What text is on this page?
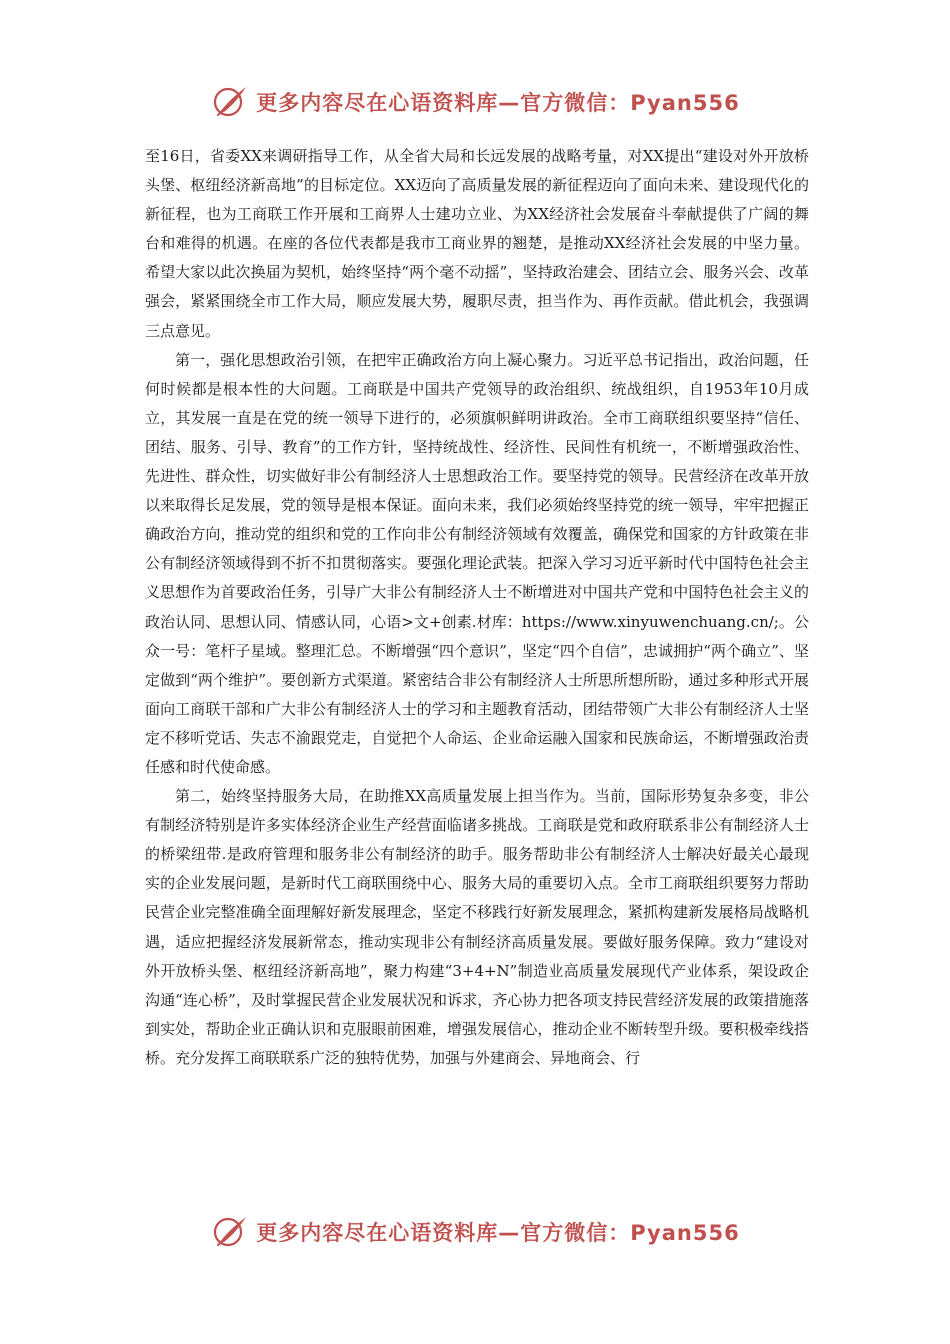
更多内容尽在心语资料库—官方微信：Pyan556

至16日，省委XX来调研指导工作，从全省大局和长远发展的战略考量，对XX提出“建设对外开放桥头堡、枢纽经济新高地”的目标定位。XX迈向了高质量发展的新征程迈向了面向未来、建设现代化的新征程，也为工商联工作开展和工商界人士建功立业、为XX经济社会发展奋斗奉献提供了广阔的舞台和难得的机遇。在座的各位代表都是我市工商业界的翘楚，是推动XX经济社会发展的中坚力量。希望大家以此次换届为契机，始终坚持“两个毫不动摇”，坚持政治建会、团结立会、服务兴会、改革强会，紧紧围绕全市工作大局，顺应发展大势，履职尽责，担当作为、再作贡献。借此机会，我强调三点意见。

第一，强化思想政治引领，在把牢正确政治方向上凝心聚力。习近平总书记指出，政治问题，任何时候都是根本性的大问题。工商联是中国共产党领导的政治组织、统战组织，自1953年10月成立，其发展一直是在党的统一领导下进行的，必须旗帜鲜明讲政治。全市工商联组织要坚持“信任、团结、服务、引导、教育”的工作方针，坚持统战性、经济性、民间性有机统一，不断增强政治性、先进性、群众性，切实做好非公有制经济人士思想政治工作。要坚持党的领导。民营经济在改革开放以来取得长足发展，党的领导是根本保证。面向未来，我们必须始终坚持党的统一领导，牢牢把握正确政治方向，推动党的组织和党的工作向非公有制经济领域有效覆盖，确保党和国家的方针政策在非公有制经济领域得到不折不扣贯彻落实。要强化理论武装。把深入学习习近平新时代中国特色社会主义思想作为首要政治任务，引导广大非公有制经济人士不断增进对中国共产党和中国特色社会主义的政治认同、思想认同、情感认同，心语>文+创素.材库：https://www.xinyuwenchuang.cn/;。公众一号：笔杆子星域。整理汇总。不断增强“四个意识”，坚定“四个自信”，忠诚拥护“两个确立”、坚定做到“两个维护”。要创新方式渠道。紧密结合非公有制经济人士所思所想所盼，通过多种形式开展面向工商联干部和广大非公有制经济人士的学习和主题教育活动，团结带领广大非公有制经济人士坚定不移听党话、失志不渝跟党走，自觉把个人命运、企业命运融入国家和民族命运，不断增强政治责任感和时代使命感。

第二，始终坚持服务大局，在助推XX高质量发展上担当作为。当前，国际形势复杂多变，非公有制经济特别是许多实体经济企业生产经营面临诸多挑战。工商联是党和政府联系非公有制经济人士的桥梁纽带.是政府管理和服务非公有制经济的助手。服务帮助非公有制经济人士解决好最关心最现实的企业发展问题，是新时代工商联围绕中心、服务大局的重要切入点。全市工商联组织要努力帮助民营企业完整准确全面理解好新发展理念，坚定不移践行好新发展理念，紧抓构建新发展格局战略机遇，适应把握经济发展新常态，推动实现非公有制经济高质量发展。要做好服务保障。致力“建设对外开放桥头堡、枢纽经济新高地”，聚力构建“3+4+N”制造业高质量发展现代产业体系，架设政企沟通“连心桥”，及时掌握民营企业发展状况和诉求，齐心协力把各项支持民营经济发展的政策措施落到实处，帮助企业正确认识和克服眼前困难，增强发展信心，推动企业不断转型升级。要积极牵线搭桥。充分发挥工商联联系广泛的独特优势，加强与外建商会、异地商会、行

更多内容尽在心语资料库—官方微信：Pyan556
